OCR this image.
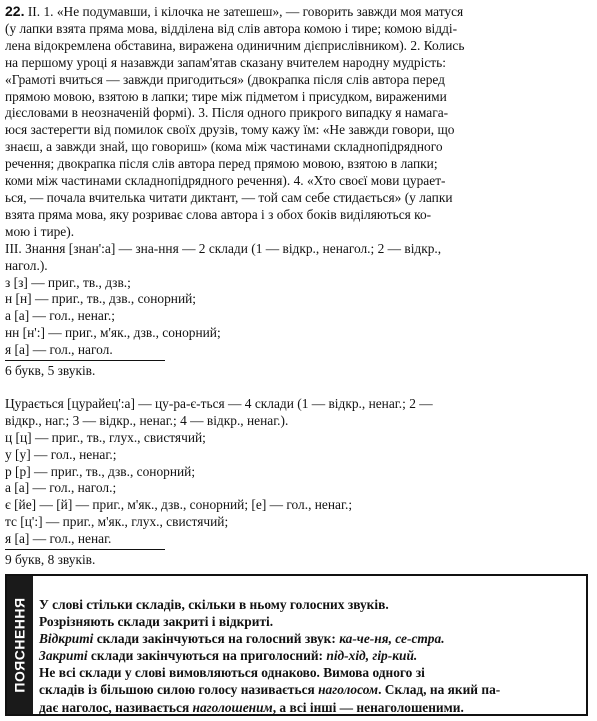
22. II. 1. «Не подумавши, і кілочка не затешеш», — говорить завжди моя матуся

(у лапки взята пряма мова, відділена від слів автора комою і тире; комою відді-

лена відокремлена обставина, виражена одиничним дієприслівником). 2. Колись

на першому уроці я назавжди запам'ятав сказану вчителем народну мудрість:

«Грамоті вчиться — завжди пригодиться» (двокрапка після слів автора перед

прямою мовою, взятою в лапки; тире між підметом і присудком, вираженими

дієсловами в неозначеній формі). 3. Після одного прикрого випадку я намага-

юся застерегти від помилок своїх друзів, тому кажу їм: «Не завжди говори, що

знаєш, а завжди знай, що говориш» (кома між частинами складнопідрядного

речення; двокрапка після слів автора перед прямою мовою, взятою в лапки;

коми між частинами складнопідрядного речення). 4. «Хто своєї мови цурает-

ься, — почала вчителька читати диктант, — той сам себе стидається» (у лапки

взята пряма мова, яку розриває слова автора і з обох боків виділяються ко-

мою і тире).

III. Знання [знан':а] — зна-ння — 2 склади (1 — відкр., ненагол.; 2 — відкр.,

нагол.).

з [з] — приг., тв., дзв.;

н [н] — приг., тв., дзв., сонорний;

а [а] — гол., ненаг.;

нн [н':] — приг., м'як., дзв., сонорний;

я [а] — гол., нагол.

6 букв, 5 звуків.

Цурається [цурайец':а] — цу-ра-є-ться — 4 склади (1 — відкр., ненаг.; 2 —

відкр., наг.; 3 — відкр., ненаг.; 4 — відкр., ненаг.).

ц [ц] — приг., тв., глух., свистячий;

у [у] — гол., ненаг.;

р [р] — приг., тв., дзв., сонорний;

а [а] — гол., нагол.;

є [йе] — [й] — приг., м'як., дзв., сонорний; [е] — гол., ненаг.;

тс [ц':] — приг., м'як., глух., свистячий;

я [а] — гол., ненаг.

9 букв, 8 звуків.

ПОЯСНЕННЯ У слові стільки складів, скільки в ньому голосних звуків.

Розрізняють склади закриті і відкриті.

Відкриті склади закінчуються на голосний звук: ка-че-ня, се-стра.

Закриті склади закінчуються на приголосний: під-хід, гір-кий.

Не всі склади у слові вимовляються однаково. Вимова одного зі

складів із більшою силою голосу називається наголосом. Склад, на який па-

дає наголос, називається наголошеним, а всі інші — ненаголошеними.
